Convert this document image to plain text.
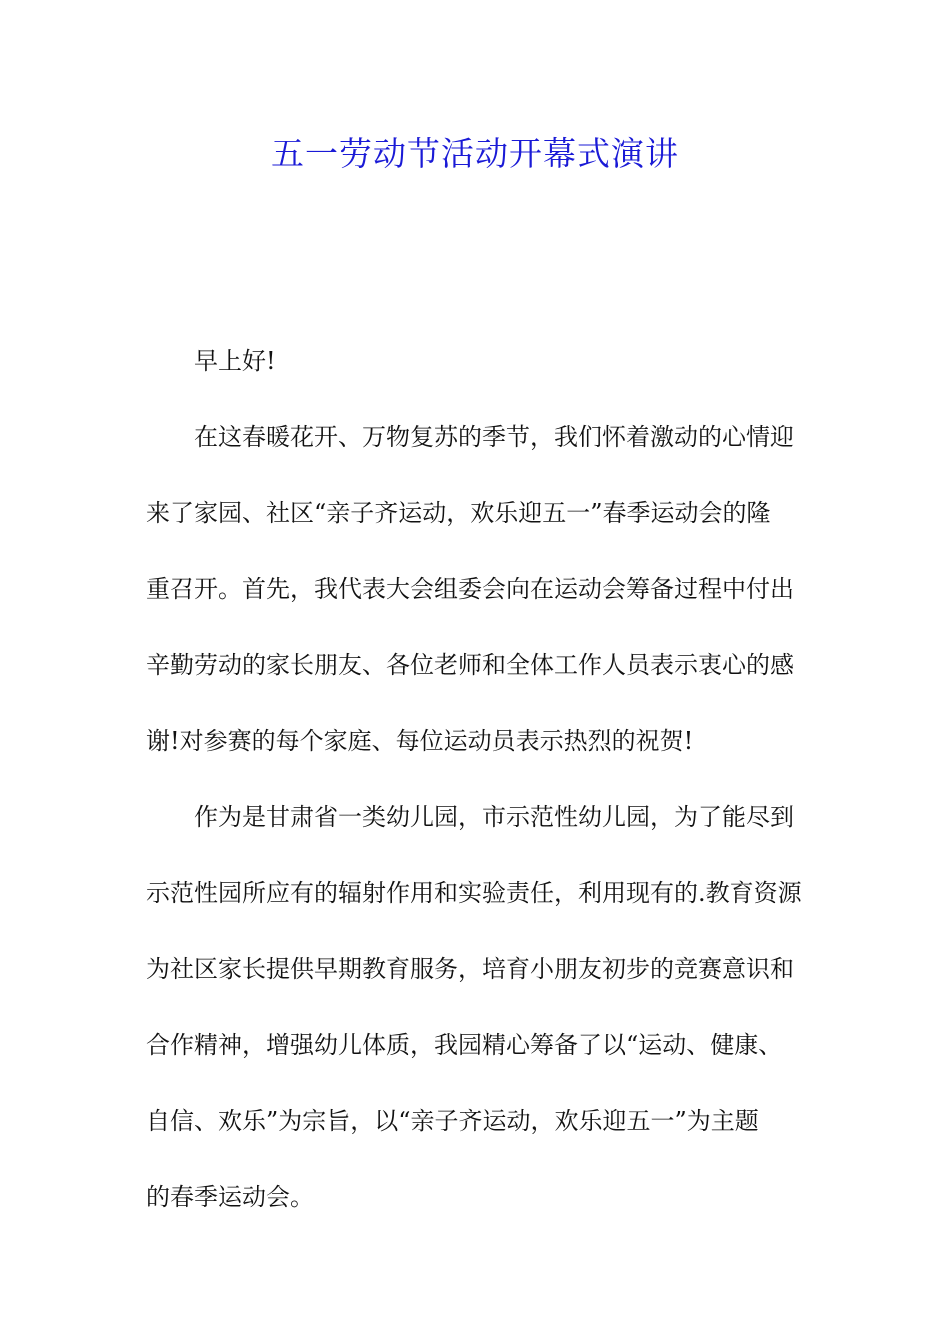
五一劳动节活动开幕式演讲
早上好!
在这春暖花开、万物复苏的季节，我们怀着激动的心情迎
来了家园、社区“亲子齐运动，欢乐迎五一”春季运动会的隆
重召开。首先，我代表大会组委会向在运动会筹备过程中付出
辛勤劳动的家长朋友、各位老师和全体工作人员表示衷心的感
谢!对参赛的每个家庭、每位运动员表示热烈的祝贺!
作为是甘肃省一类幼儿园，市示范性幼儿园，为了能尽到
示范性园所应有的辐射作用和实验责任，利用现有的.教育资源
为社区家长提供早期教育服务，培育小朋友初步的竞赛意识和
合作精神，增强幼儿体质，我园精心筹备了以“运动、健康、
自信、欢乐”为宗旨，以“亲子齐运动，欢乐迎五一”为主题
的春季运动会。
